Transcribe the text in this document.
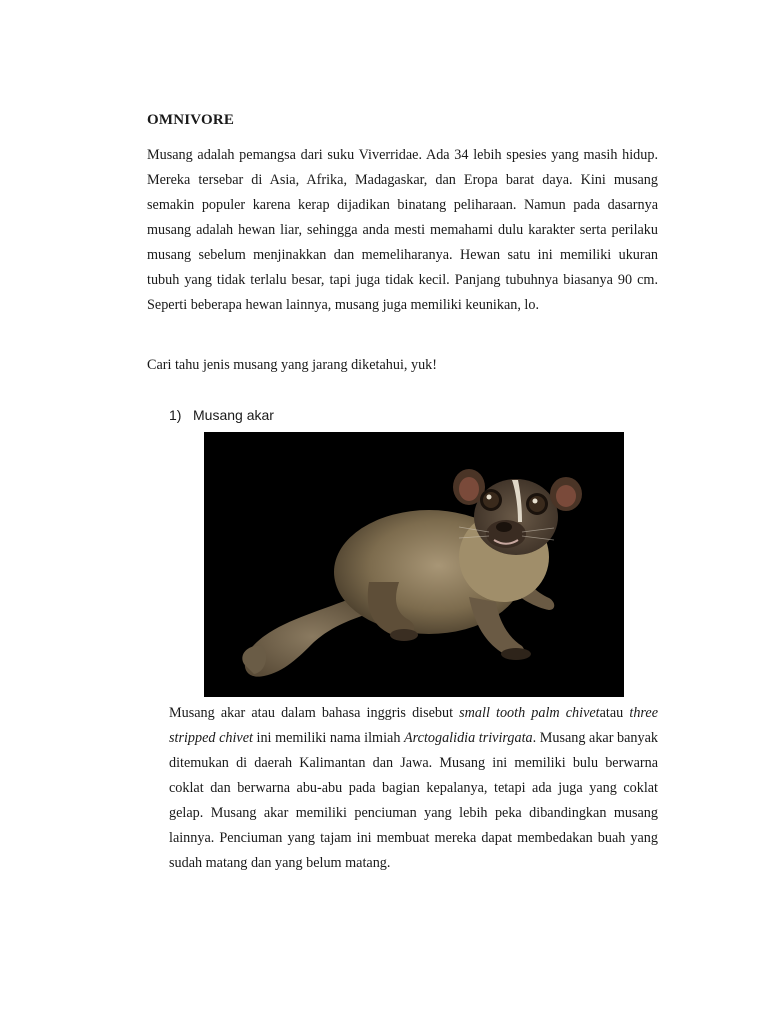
OMNIVORE

Musang adalah pemangsa dari suku Viverridae. Ada 34 lebih spesies yang masih hidup. Mereka tersebar di Asia, Afrika, Madagaskar, dan Eropa barat daya. Kini musang semakin populer karena kerap dijadikan binatang peliharaan. Namun pada dasarnya musang adalah hewan liar, sehingga anda mesti memahami dulu karakter serta perilaku musang sebelum menjinakkan dan memeliharanya. Hewan satu ini memiliki ukuran tubuh yang tidak terlalu besar, tapi juga tidak kecil. Panjang tubuhnya biasanya 90 cm. Seperti beberapa hewan lainnya, musang juga memiliki keunikan, lo.

Cari tahu jenis musang yang jarang diketahui, yuk!
1) Musang akar

Musang akar atau dalam bahasa inggris disebut small tooth palm chivetatau three stripped chivet ini memiliki nama ilmiah Arctogalidia trivirgata. Musang akar banyak ditemukan di daerah Kalimantan dan Jawa. Musang ini memiliki bulu berwarna coklat dan berwarna abu-abu pada bagian kepalanya, tetapi ada juga yang coklat gelap. Musang akar memiliki penciuman yang lebih peka dibandingkan musang lainnya. Penciuman yang tajam ini membuat mereka dapat membedakan buah yang sudah matang dan yang belum matang.
